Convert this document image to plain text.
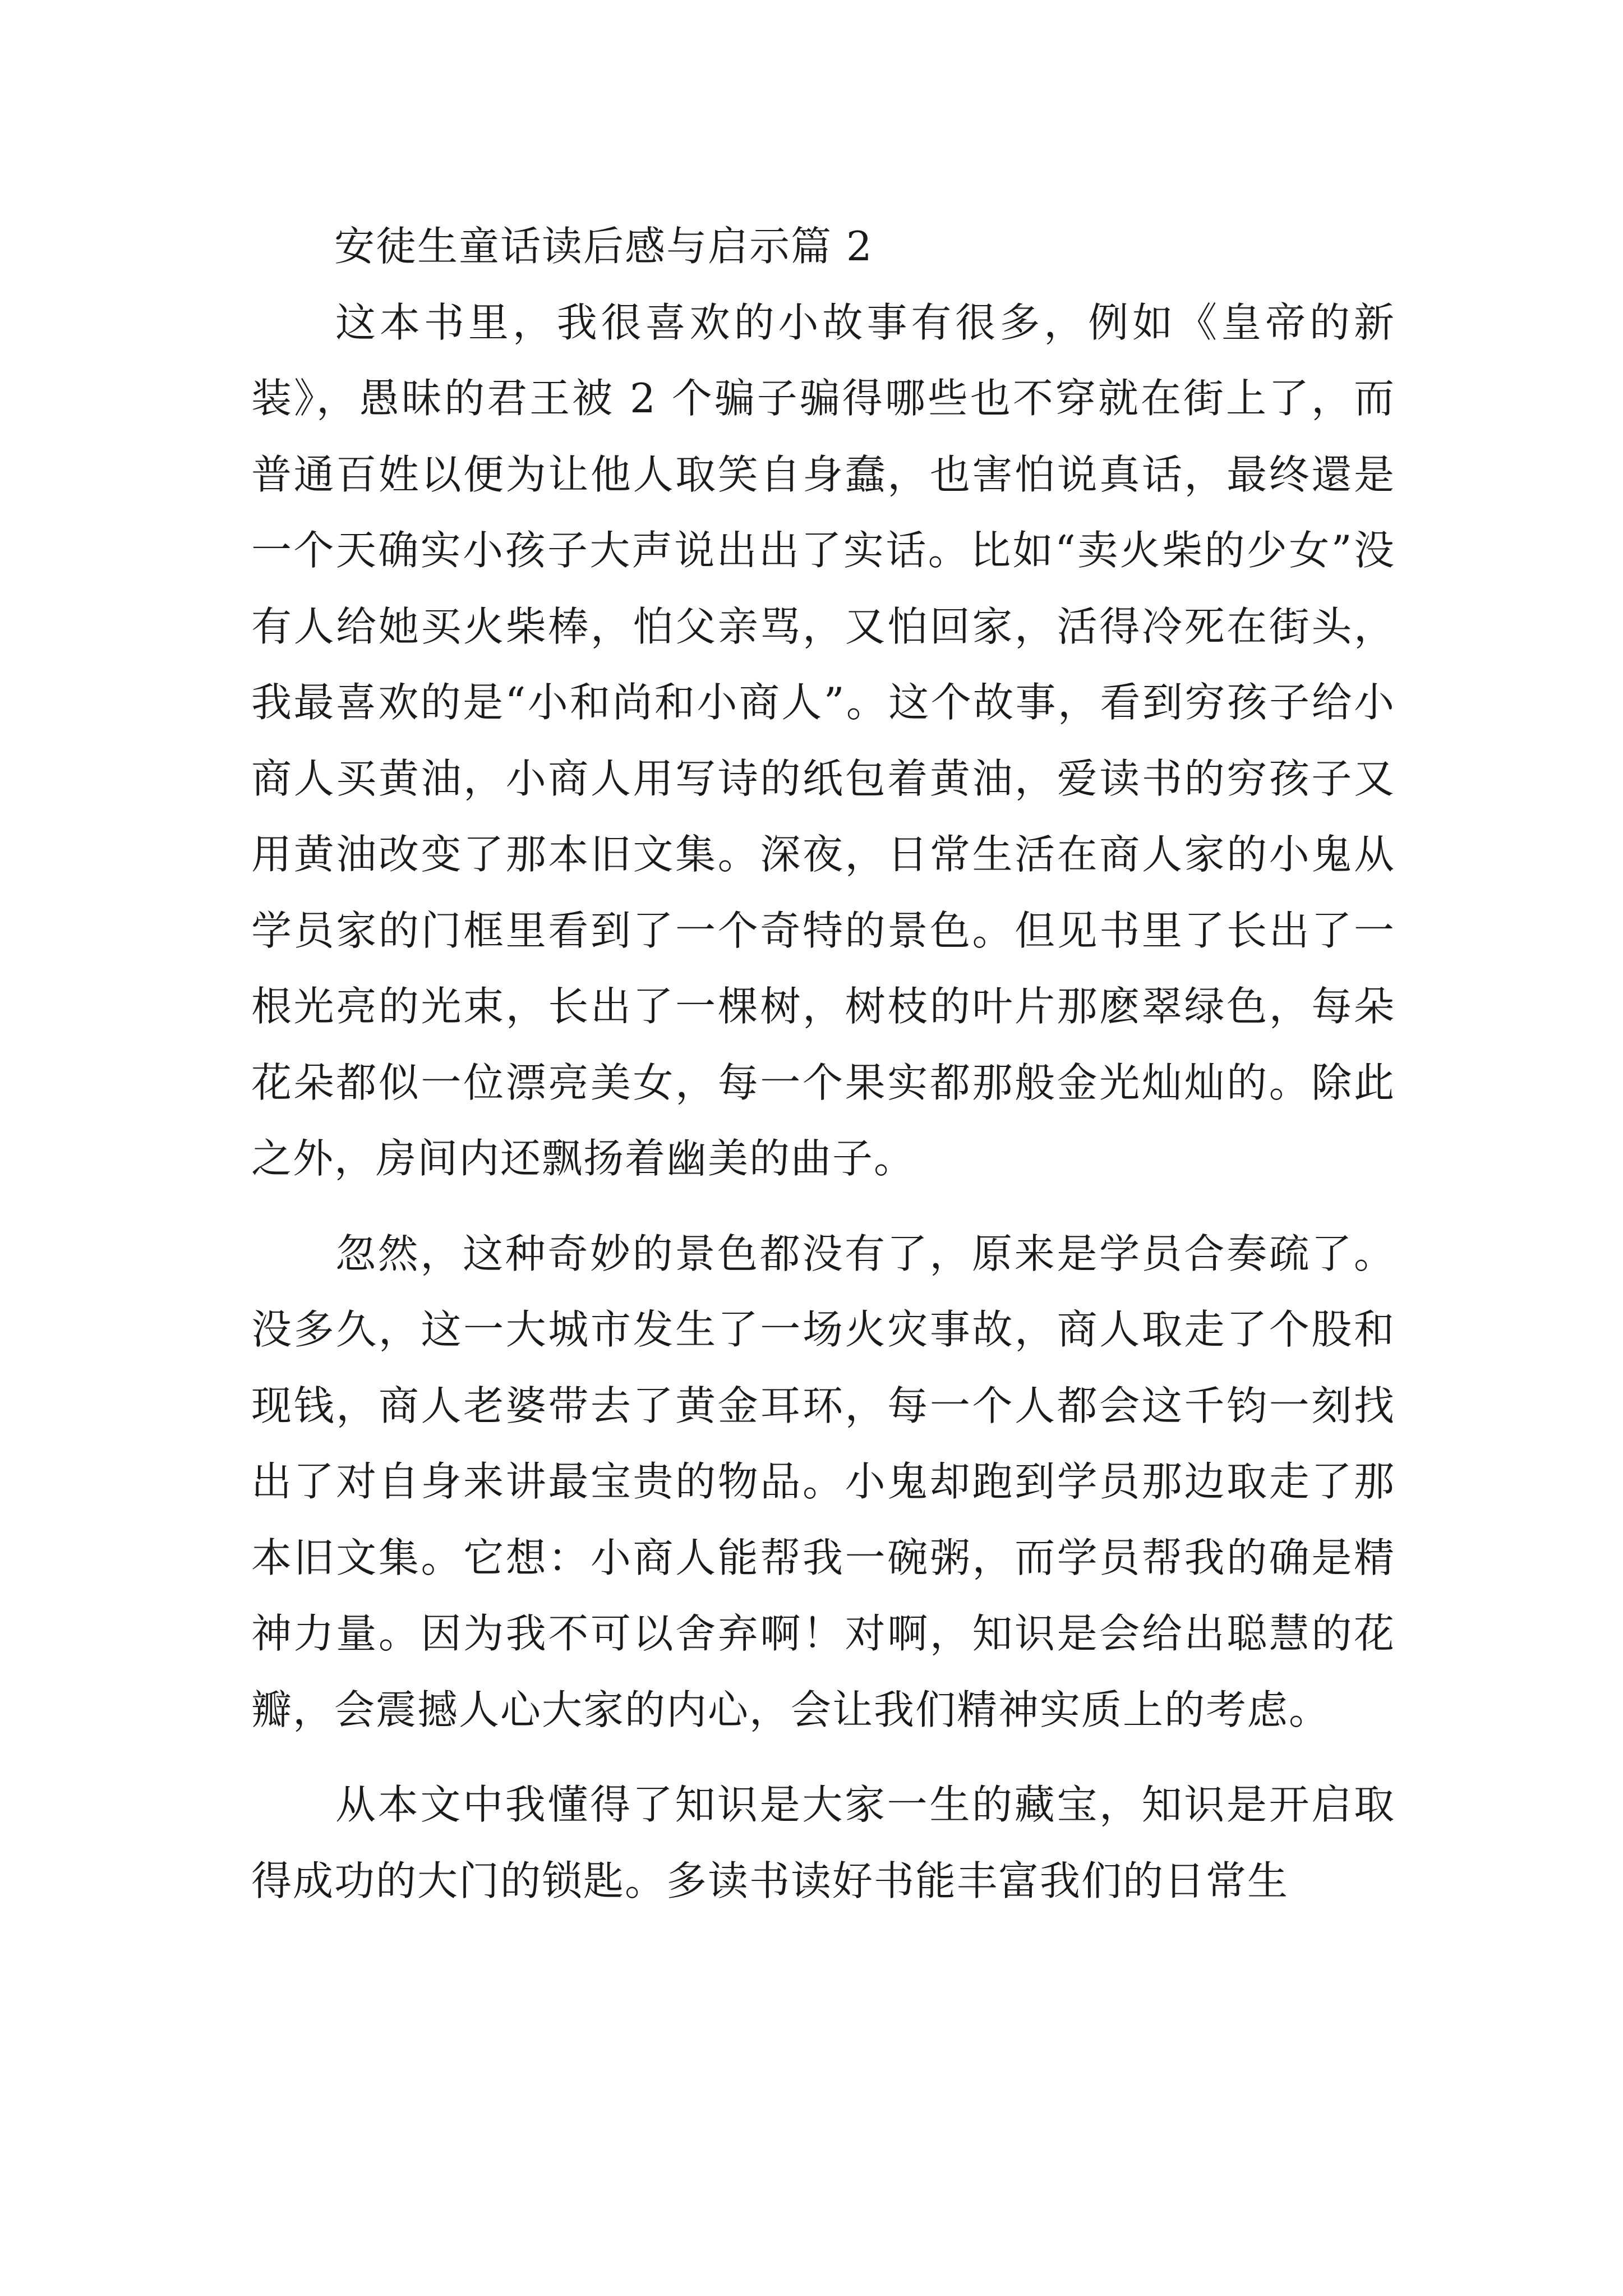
安徒生童话读后感与启示篇 2

这本书里，我很喜欢的小故事有很多，例如《皇帝的新装》，愚昧的君王被 2 个骗子骗得哪些也不穿就在街上了，而普通百姓以便为让他人取笑自身蠢，也害怕说真话，最终還是一个天确实小孩子大声说出出了实话。比如“卖火柴的少女”没有人给她买火柴棒，怕父亲骂，又怕回家，活得冷死在街头，我最喜欢的是“小和尚和小商人”。这个故事，看到穷孩子给小商人买黄油，小商人用写诗的纸包着黄油，爱读书的穷孩子又用黄油改变了那本旧文集。深夜，日常生活在商人家的小鬼从学员家的门框里看到了一个奇特的景色。但见书里了长出了一根光亮的光束，长出了一棵树，树枝的叶片那麽翠绿色，每朵花朵都似一位漂亮美女，每一个果实都那般金光灿灿的。除此之外，房间内还飘扬着幽美的曲子。

忽然，这种奇妙的景色都没有了，原来是学员合奏疏了。没多久，这一大城市发生了一场火灾事故，商人取走了个股和现钱，商人老婆带去了黄金耳环，每一个人都会这千钧一刻找出了对自身来讲最宝贵的物品。小鬼却跑到学员那边取走了那本旧文集。它想：小商人能帮我一碗粥，而学员帮我的确是精神力量。因为我不可以舍弃啊！对啊，知识是会给出聪慧的花瓣，会震撼人心大家的内心，会让我们精神实质上的考虑。

从本文中我懂得了知识是大家一生的藏宝，知识是开启取得成功的大门的锁匙。多读书读好书能丰富我们的日常生
